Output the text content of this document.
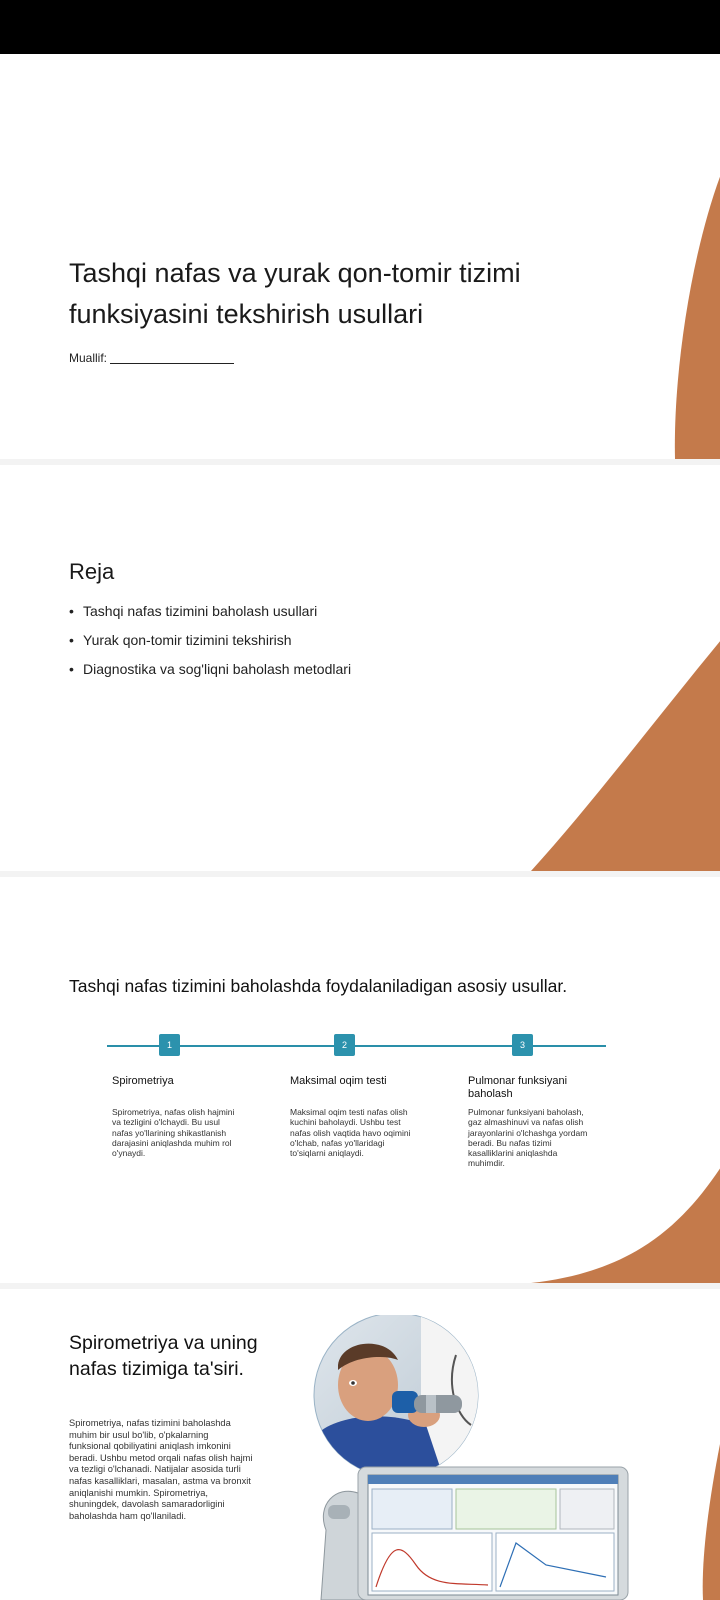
Tashqi nafas va yurak qon-tomir tizimi funksiyasini tekshirish usullari
Muallif:
Reja
• Tashqi nafas tizimini baholash usullari
• Yurak qon-tomir tizimini tekshirish
• Diagnostika va sog'liqni baholash metodlari
Tashqi nafas tizimini baholashda foydalaniladigan asosiy usullar.
1	2	3
Spirometriya	Maksimal oqim testi	Pulmonar funksiyani
baholash
Spirometriya, nafas olish hajmini
va tezligini o'lchaydi. Bu usul
nafas yo'llarining shikastlanish
darajasini aniqlashda muhim rol
o'ynaydi.
Maksimal oqim testi nafas olish
kuchini baholaydi. Ushbu test
nafas olish vaqtida havo oqimini
o'lchab, nafas yo'llaridagi
to'siqlarni aniqlaydi.
Pulmonar funksiyani baholash,
gaz almashinuvi va nafas olish
jarayonlarini o'lchashga yordam
beradi. Bu nafas tizimi
kasalliklarini aniqlashda
muhimdir.
Spirometriya va uning
nafas tizimiga ta'siri.
Spirometriya, nafas tizimini baholashda
muhim bir usul bo'lib, o'pkalarning
funksional qobiliyatini aniqlash imkonini
beradi. Ushbu metod orqali nafas olish hajmi
va tezligi o'lchanadi. Natijalar asosida turli
nafas kasalliklari, masalan, astma va bronxit
aniqlanishi mumkin. Spirometriya,
shuningdek, davolash samaradorligini
baholashda ham qo'llaniladi.
